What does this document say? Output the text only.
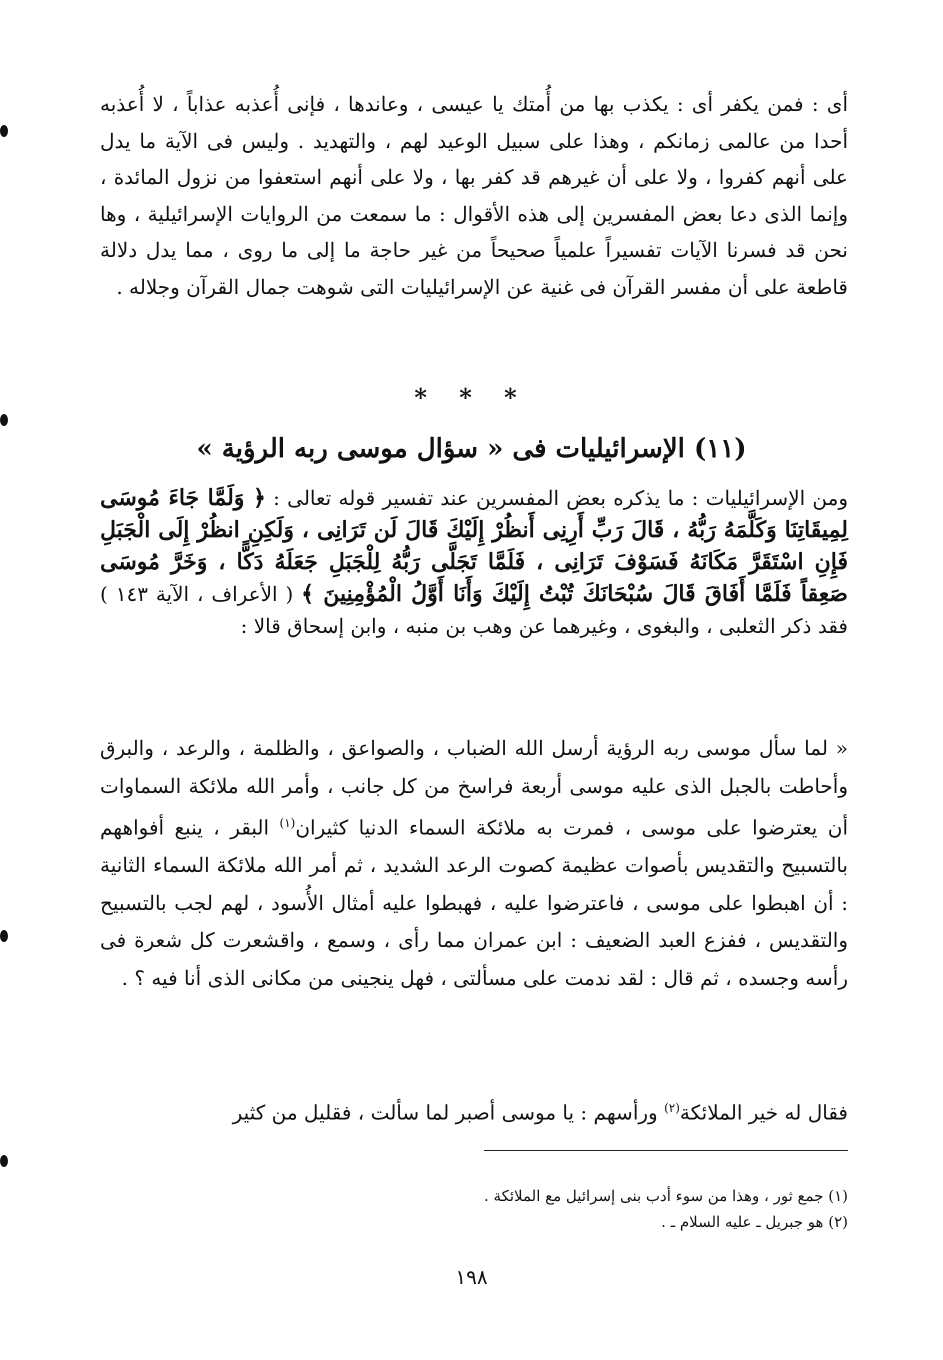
أى : فمن يكفر أى : يكذب بها من أُمتك يا عيسى ، وعاندها ، فإنى أُعذبه عذاباً ، لا أُعذبه أحدا من عالمى زمانكم ، وهذا على سبيل الوعيد لهم ، والتهديد . وليس فى الآية ما يدل على أنهم كفروا ، ولا على أن غيرهم قد كفر بها ، ولا على أنهم استعفوا من نزول المائدة ، وإنما الذى دعا بعض المفسرين إلى هذه الأقوال : ما سمعت من الروايات الإسرائيلية ، وها نحن قد فسرنا الآيات تفسيراً علمياً صحيحاً من غير حاجة ما إلى ما روى ، مما يدل دلالة قاطعة على أن مفسر القرآن فى غنية عن الإسرائيليات التى شوهت جمال القرآن وجلاله .

* * *
(١١) الإسرائيليات فى « سؤال موسى ربه الرؤية »

ومن الإسرائيليات : ما يذكره بعض المفسرين عند تفسير قوله تعالى : ﴿ وَلَمَّا جَاءَ مُوسَى لِمِيقَاتِنَا وَكَلَّمَهُ رَبُّهُ ، قَالَ رَبِّ أَرِنِى أَنظُرْ إِلَيْكَ قَالَ لَن تَرَانِى ، وَلَكِنِ انظُرْ إِلَى الْجَبَلِ فَإِنِ اسْتَقَرَّ مَكَانَهُ فَسَوْفَ تَرَانِى ، فَلَمَّا تَجَلَّى رَبُّهُ لِلْجَبَلِ جَعَلَهُ دَكًّا ، وَخَرَّ مُوسَى صَعِقاً فَلَمَّا أَفَاقَ قَالَ سُبْحَانَكَ تُبْتُ إِلَيْكَ وَأَنَا أَوَّلُ الْمُؤْمِنِينَ ﴾ ( الأعراف ، الآية ١٤٣ ) فقد ذكر الثعلبى ، والبغوى ، وغيرهما عن وهب بن منبه ، وابن إسحاق قالا :

« لما سأل موسى ربه الرؤية أرسل الله الضباب ، والصواعق ، والظلمة ، والرعد ، والبرق وأحاطت بالجبل الذى عليه موسى أربعة فراسخ من كل جانب ، وأمر الله ملائكة السماوات أن يعترضوا على موسى ، فمرت به ملائكة السماء الدنيا كثيران$^{(١)}$ البقر ، ينبع أفواههم بالتسبيح والتقديس بأصوات عظيمة كصوت الرعد الشديد ، ثم أمر الله ملائكة السماء الثانية : أن اهبطوا على موسى ، فاعترضوا عليه ، فهبطوا عليه أمثال الأُسود ، لهم لجب بالتسبيح والتقديس ، ففزع العبد الضعيف : ابن عمران مما رأى ، وسمع ، واقشعرت كل شعرة فى رأسه وجسده ، ثم قال : لقد ندمت على مسألتى ، فهل ينجينى من مكانى الذى أنا فيه ؟ .

فقال له خير الملائكة$^{(٢)}$ ورأسهم : يا موسى أصبر لما سألت ، فقليل من كثير

(١) جمع ثور ، وهذا من سوء أدب بنى إسرائيل مع الملائكة .
(٢) هو جبريل ـ عليه السلام ـ .
١٩٨
